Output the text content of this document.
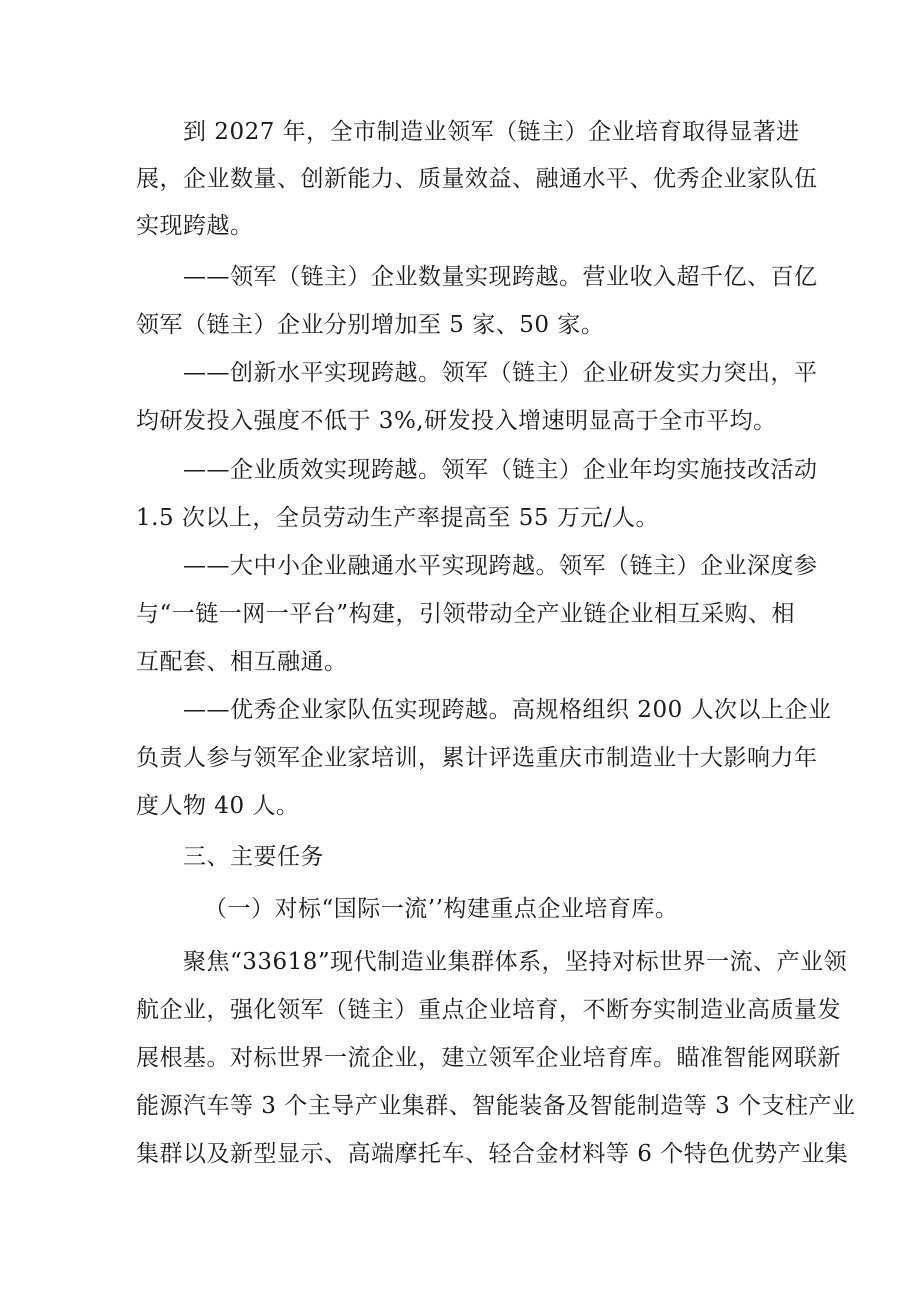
到 2027 年，全市制造业领军（链主）企业培育取得显著进

展，企业数量、创新能力、质量效益、融通水平、优秀企业家队伍

实现跨越。

——领军（链主）企业数量实现跨越。营业收入超千亿、百亿

领军（链主）企业分别增加至 5 家、50 家。

——创新水平实现跨越。领军（链主）企业研发实力突出，平

均研发投入强度不低于 3%,研发投入增速明显高于全市平均。

——企业质效实现跨越。领军（链主）企业年均实施技改活动

1.5 次以上，全员劳动生产率提高至 55 万元/人。

——大中小企业融通水平实现跨越。领军（链主）企业深度参

与“一链一网一平台”构建，引领带动全产业链企业相互采购、相

互配套、相互融通。

——优秀企业家队伍实现跨越。高规格组织 200 人次以上企业

负责人参与领军企业家培训，累计评选重庆市制造业十大影响力年

度人物 40 人。

三、主要任务

（一）对标“国际一流’’构建重点企业培育库。

聚焦“33618”现代制造业集群体系，坚持对标世界一流、产业领

航企业，强化领军（链主）重点企业培育，不断夯实制造业高质量发

展根基。对标世界一流企业，建立领军企业培育库。瞄准智能网联新

能源汽车等 3 个主导产业集群、智能装备及智能制造等 3 个支柱产业

集群以及新型显示、高端摩托车、轻合金材料等 6 个特色优势产业集
